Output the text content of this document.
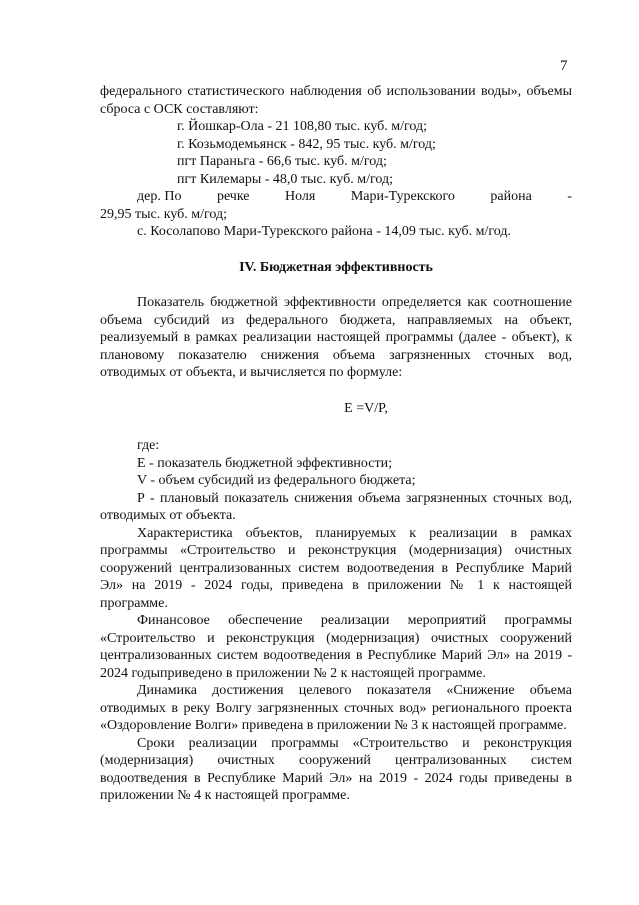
7

федерального статистического наблюдения об использовании воды», объемы сброса с ОСК составляют:

г. Йошкар-Ола - 21 108,80 тыс. куб. м/год;
г. Козьмодемьянск - 842, 95 тыс. куб. м/год;
пгт Параньга - 66,6 тыс. куб. м/год;
пгт Килемары - 48,0 тыс. куб. м/год;
дер. По	речке	Ноля	Мари-Турекского	района	-

29,95 тыс. куб. м/год;

с. Косолапово Мари-Турекского района - 14,09 тыс. куб. м/год.

IV. Бюджетная эффективность

Показатель бюджетной эффективности определяется как соотношение объема субсидий из федерального бюджета, направляемых на объект, реализуемый в рамках реализации настоящей программы (далее - объект), к плановому показателю снижения объема загрязненных сточных вод, отводимых от объекта, и вычисляется по формуле:

E =V/P,
где:

E - показатель бюджетной эффективности;

V - объем субсидий из федерального бюджета;

P - плановый показатель снижения объема загрязненных сточных вод, отводимых от объекта.

Характеристика объектов, планируемых к реализации в рамках программы «Строительство и реконструкция (модернизация) очистных сооружений централизованных систем водоотведения в Республике Марий Эл» на 2019 - 2024 годы, приведена в приложении № 1 к настоящей программе.

Финансовое обеспечение реализации мероприятий программы «Строительство и реконструкция (модернизация) очистных сооружений централизованных систем водоотведения в Республике Марий Эл» на 2019 - 2024 годыприведено в приложении № 2 к настоящей программе.

Динамика достижения целевого показателя «Снижение объема отводимых в реку Волгу загрязненных сточных вод» регионального проекта «Оздоровление Волги» приведена в приложении № 3 к настоящей программе.

Сроки реализации программы «Строительство и реконструкция (модернизация) очистных сооружений централизованных систем водоотведения в Республике Марий Эл» на 2019 - 2024 годы приведены в приложении № 4 к настоящей программе.
